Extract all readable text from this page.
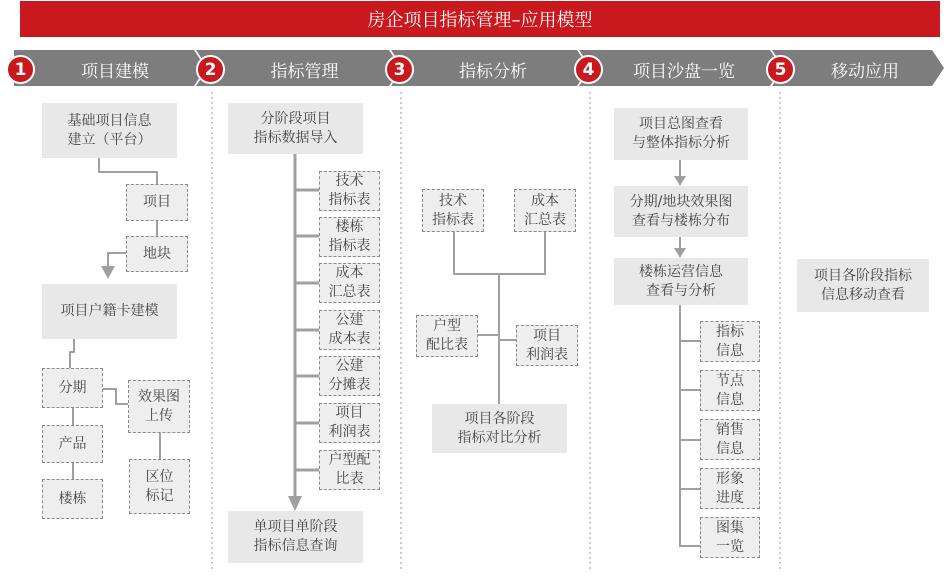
房企项目指标管理–应用模型
项目建模	指标管理	指标分析	项目沙盘一览	移动应用
1	2	3	4	5
基础项目信息
建立（平台）
项目
地块
项目户籍卡建模
分期
产品
楼栋
效果图
上传
区位
标记
分阶段项目
指标数据导入
技术
指标表
楼栋
指标表
成本
汇总表
公建
成本表
公建
分摊表
项目
利润表
户型配
比表
单项目单阶段
指标信息查询
技术
指标表
成本
汇总表
户型
配比表
项目
利润表
项目各阶段
指标对比分析
项目总图查看
与整体指标分析
分期/地块效果图
查看与楼栋分布
楼栋运营信息
查看与分析
指标
信息
节点
信息
销售
信息
形象
进度
图集
一览
项目各阶段指标
信息移动查看
